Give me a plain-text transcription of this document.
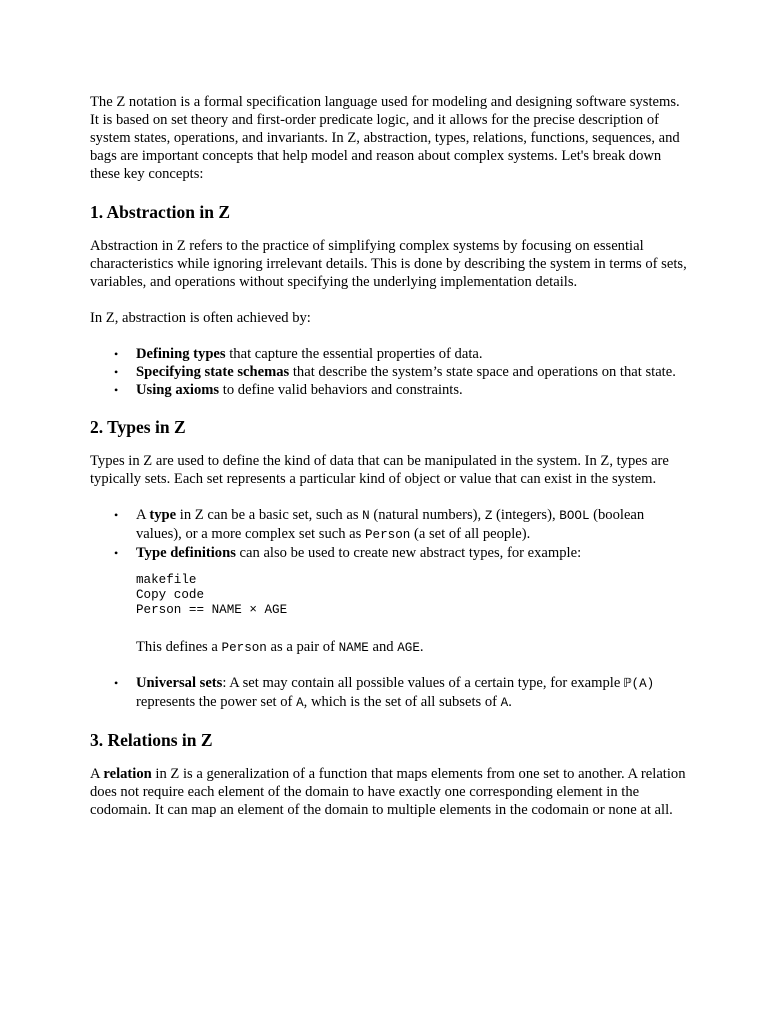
The Z notation is a formal specification language used for modeling and designing software systems. It is based on set theory and first-order predicate logic, and it allows for the precise description of system states, operations, and invariants. In Z, abstraction, types, relations, functions, sequences, and bags are important concepts that help model and reason about complex systems. Let's break down these key concepts:

1. Abstraction in Z

Abstraction in Z refers to the practice of simplifying complex systems by focusing on essential characteristics while ignoring irrelevant details. This is done by describing the system in terms of sets, variables, and operations without specifying the underlying implementation details.

In Z, abstraction is often achieved by:

• Defining types that capture the essential properties of data.
• Specifying state schemas that describe the system’s state space and operations on that state.
• Using axioms to define valid behaviors and constraints.
2. Types in Z

Types in Z are used to define the kind of data that can be manipulated in the system. In Z, types are typically sets. Each set represents a particular kind of object or value that can exist in the system.

• A type in Z can be a basic set, such as N (natural numbers), Z (integers), BOOL (boolean values), or a more complex set such as Person (a set of all people).
• Type definitions can also be used to create new abstract types, for example:
makefile
Copy code
Person == NAME × AGE

This defines a Person as a pair of NAME and AGE.

• Universal sets: A set may contain all possible values of a certain type, for example ℙ(A) represents the power set of A, which is the set of all subsets of A.
3. Relations in Z

A relation in Z is a generalization of a function that maps elements from one set to another. A relation does not require each element of the domain to have exactly one corresponding element in the codomain. It can map an element of the domain to multiple elements in the codomain or none at all.
